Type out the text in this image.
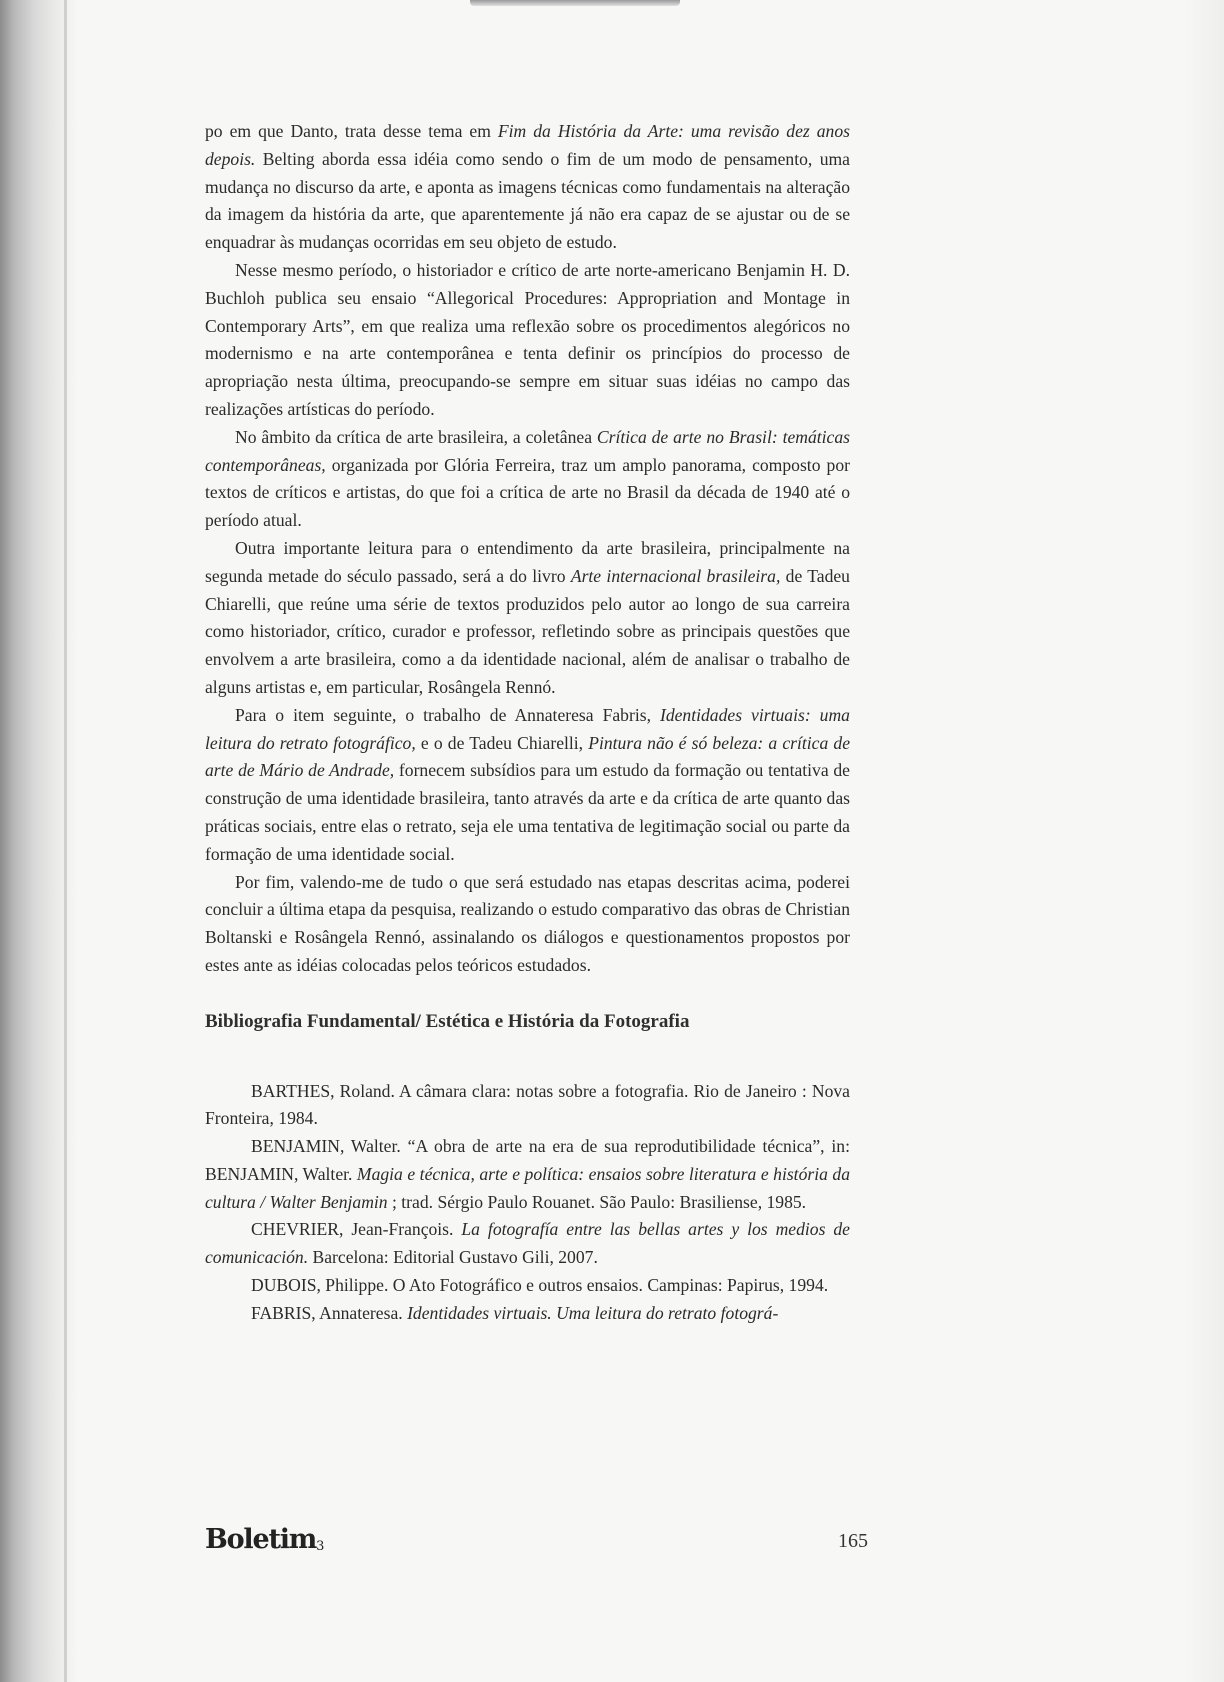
po em que Danto, trata desse tema em Fim da História da Arte: uma revisão dez anos depois. Belting aborda essa idéia como sendo o fim de um modo de pensamento, uma mudança no discurso da arte, e aponta as imagens técnicas como fundamentais na alteração da imagem da história da arte, que aparentemente já não era capaz de se ajustar ou de se enquadrar às mudanças ocorridas em seu objeto de estudo.

Nesse mesmo período, o historiador e crítico de arte norte-americano Benjamin H. D. Buchloh publica seu ensaio “Allegorical Procedures: Appropriation and Montage in Contemporary Arts”, em que realiza uma reflexão sobre os procedimentos alegóricos no modernismo e na arte contemporânea e tenta definir os princípios do processo de apropriação nesta última, preocupando-se sempre em situar suas idéias no campo das realizações artísticas do período.

No âmbito da crítica de arte brasileira, a coletânea Crítica de arte no Brasil: temáticas contemporâneas, organizada por Glória Ferreira, traz um amplo panorama, composto por textos de críticos e artistas, do que foi a crítica de arte no Brasil da década de 1940 até o período atual.

Outra importante leitura para o entendimento da arte brasileira, principalmente na segunda metade do século passado, será a do livro Arte internacional brasileira, de Tadeu Chiarelli, que reúne uma série de textos produzidos pelo autor ao longo de sua carreira como historiador, crítico, curador e professor, refletindo sobre as principais questões que envolvem a arte brasileira, como a da identidade nacional, além de analisar o trabalho de alguns artistas e, em particular, Rosângela Rennó.

Para o item seguinte, o trabalho de Annateresa Fabris, Identidades virtuais: uma leitura do retrato fotográfico, e o de Tadeu Chiarelli, Pintura não é só beleza: a crítica de arte de Mário de Andrade, fornecem subsídios para um estudo da formação ou tentativa de construção de uma identidade brasileira, tanto através da arte e da crítica de arte quanto das práticas sociais, entre elas o retrato, seja ele uma tentativa de legitimação social ou parte da formação de uma identidade social.

Por fim, valendo-me de tudo o que será estudado nas etapas descritas acima, poderei concluir a última etapa da pesquisa, realizando o estudo comparativo das obras de Christian Boltanski e Rosângela Rennó, assinalando os diálogos e questionamentos propostos por estes ante as idéias colocadas pelos teóricos estudados.

Bibliografia Fundamental/ Estética e História da Fotografia

BARTHES, Roland. A câmara clara: notas sobre a fotografia. Rio de Janeiro : Nova Fronteira, 1984.

BENJAMIN, Walter. “A obra de arte na era de sua reprodutibilidade técnica”, in: BENJAMIN, Walter. Magia e técnica, arte e política: ensaios sobre literatura e história da cultura / Walter Benjamin ; trad. Sérgio Paulo Rouanet. São Paulo: Brasiliense, 1985.

CHEVRIER, Jean-François. La fotografía entre las bellas artes y los medios de comunicación. Barcelona: Editorial Gustavo Gili, 2007.

DUBOIS, Philippe. O Ato Fotográfico e outros ensaios. Campinas: Papirus, 1994.

FABRIS, Annateresa. Identidades virtuais. Uma leitura do retrato fotográ-

Boletim$_3$	165
